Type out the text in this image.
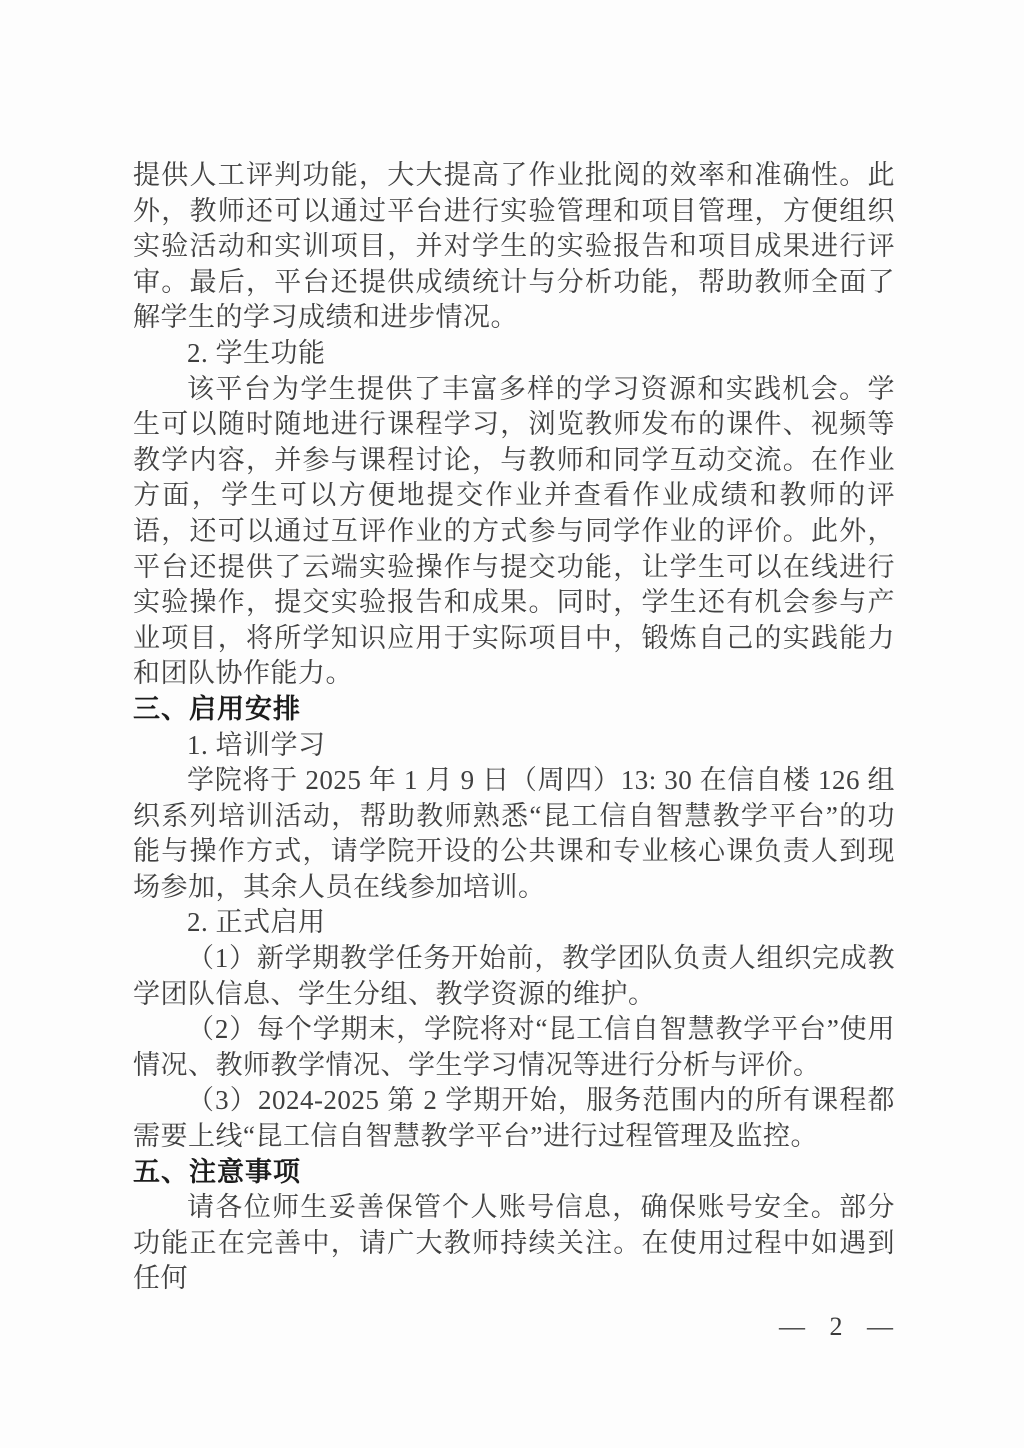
提供人工评判功能，大大提高了作业批阅的效率和准确性。此外，教师还可以通过平台进行实验管理和项目管理，方便组织实验活动和实训项目，并对学生的实验报告和项目成果进行评审。最后，平台还提供成绩统计与分析功能，帮助教师全面了解学生的学习成绩和进步情况。

2. 学生功能

该平台为学生提供了丰富多样的学习资源和实践机会。学生可以随时随地进行课程学习，浏览教师发布的课件、视频等教学内容，并参与课程讨论，与教师和同学互动交流。在作业方面，学生可以方便地提交作业并查看作业成绩和教师的评语，还可以通过互评作业的方式参与同学作业的评价。此外，平台还提供了云端实验操作与提交功能，让学生可以在线进行实验操作，提交实验报告和成果。同时，学生还有机会参与产业项目，将所学知识应用于实际项目中，锻炼自己的实践能力和团队协作能力。

三、启用安排

1. 培训学习

学院将于 2025 年 1 月 9 日（周四）13: 30 在信自楼 126 组织系列培训活动，帮助教师熟悉“昆工信自智慧教学平台”的功能与操作方式，请学院开设的公共课和专业核心课负责人到现场参加，其余人员在线参加培训。

2. 正式启用

（1）新学期教学任务开始前，教学团队负责人组织完成教学团队信息、学生分组、教学资源的维护。

（2）每个学期末，学院将对“昆工信自智慧教学平台”使用情况、教师教学情况、学生学习情况等进行分析与评价。

（3）2024-2025 第 2 学期开始，服务范围内的所有课程都需要上线“昆工信自智慧教学平台”进行过程管理及监控。

五、注意事项

请各位师生妥善保管个人账号信息，确保账号安全。部分功能正在完善中，请广大教师持续关注。在使用过程中如遇到任何

— 2 —
